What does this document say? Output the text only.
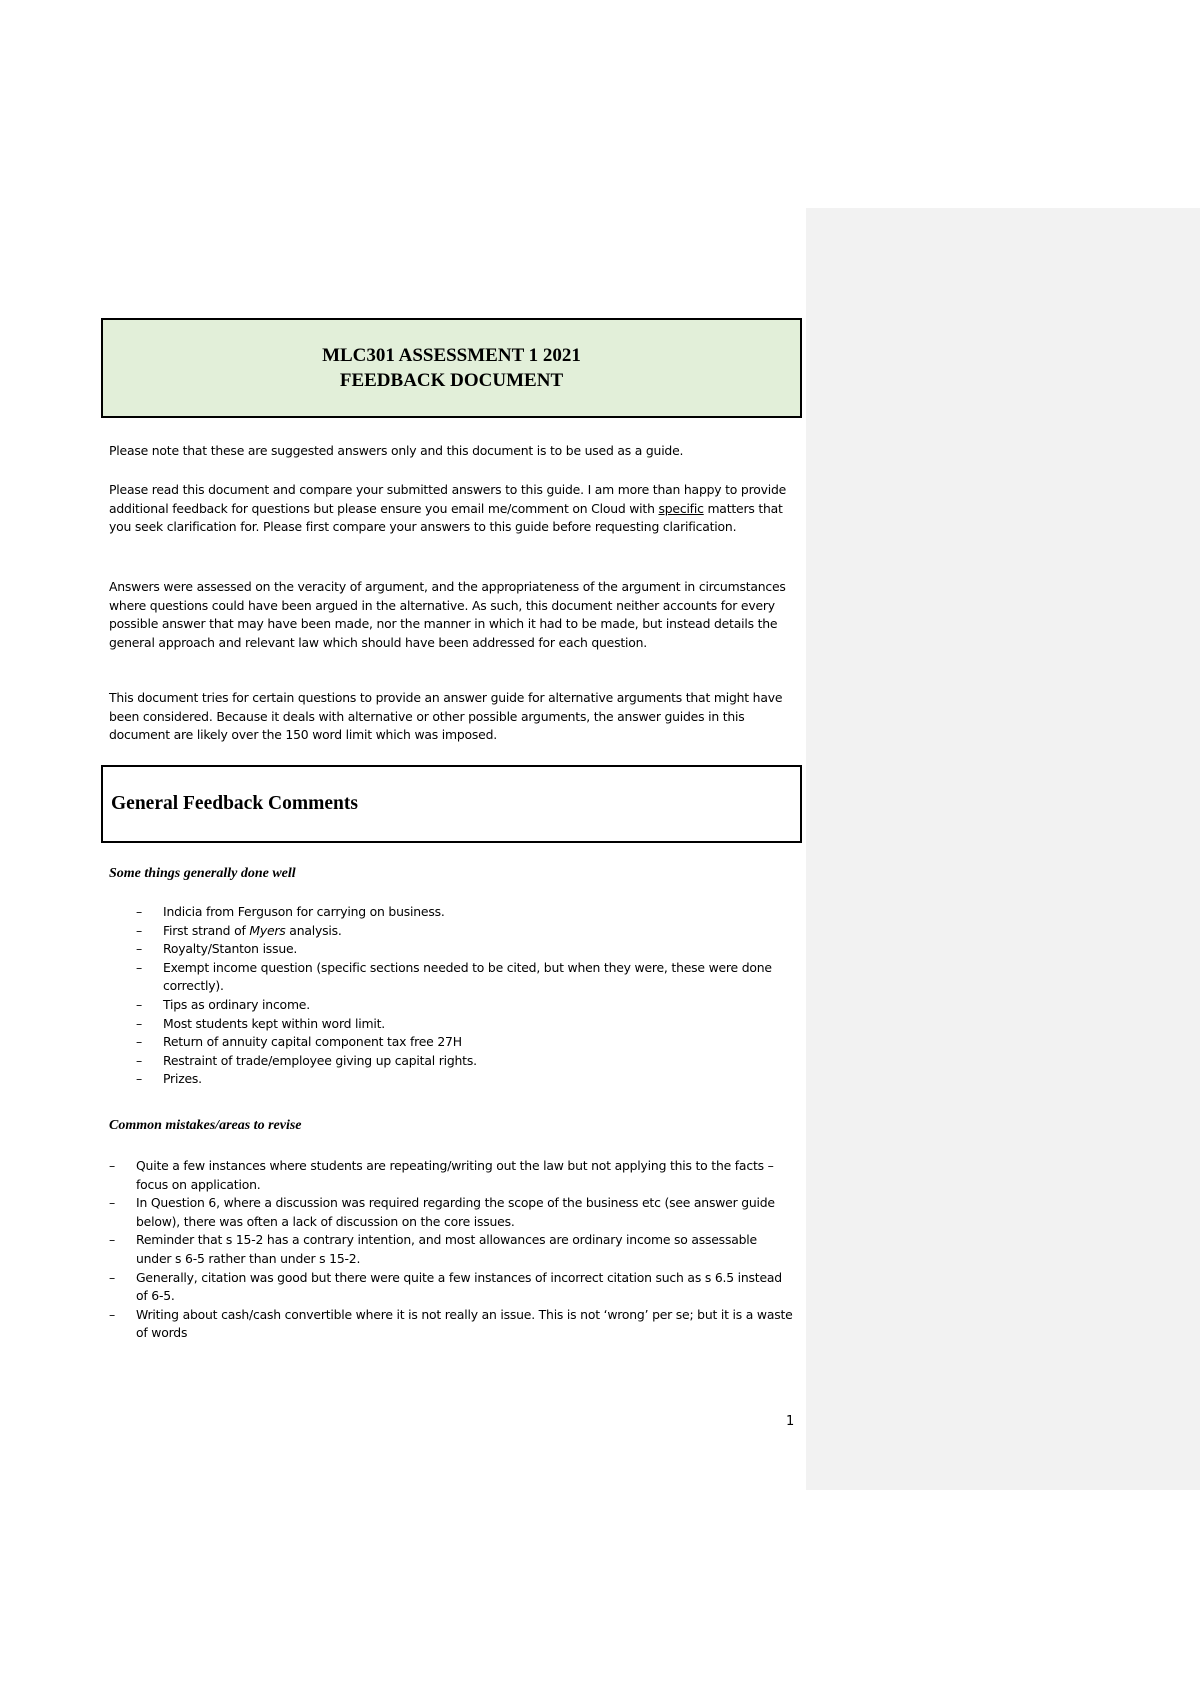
MLC301 ASSESSMENT 1 2021
FEEDBACK DOCUMENT

Please note that these are suggested answers only and this document is to be used as a guide.

Please read this document and compare your submitted answers to this guide. I am more than happy to provide additional feedback for questions but please ensure you email me/comment on Cloud with specific matters that you seek clarification for. Please first compare your answers to this guide before requesting clarification.

Answers were assessed on the veracity of argument, and the appropriateness of the argument in circumstances where questions could have been argued in the alternative. As such, this document neither accounts for every possible answer that may have been made, nor the manner in which it had to be made, but instead details the general approach and relevant law which should have been addressed for each question.

This document tries for certain questions to provide an answer guide for alternative arguments that might have been considered. Because it deals with alternative or other possible arguments, the answer guides in this document are likely over the 150 word limit which was imposed.

General Feedback Comments
Some things generally done well
– Indicia from Ferguson for carrying on business.
– First strand of Myers analysis.
– Royalty/Stanton issue.
– Exempt income question (specific sections needed to be cited, but when they were, these were done correctly).
– Tips as ordinary income.
– Most students kept within word limit.
– Return of annuity capital component tax free 27H
– Restraint of trade/employee giving up capital rights.
– Prizes.
Common mistakes/areas to revise
– Quite a few instances where students are repeating/writing out the law but not applying this to the facts – focus on application.
– In Question 6, where a discussion was required regarding the scope of the business etc (see answer guide below), there was often a lack of discussion on the core issues.
– Reminder that s 15-2 has a contrary intention, and most allowances are ordinary income so assessable under s 6-5 rather than under s 15-2.
– Generally, citation was good but there were quite a few instances of incorrect citation such as s 6.5 instead of 6-5.
– Writing about cash/cash convertible where it is not really an issue. This is not ‘wrong’ per se; but it is a waste of words
1
